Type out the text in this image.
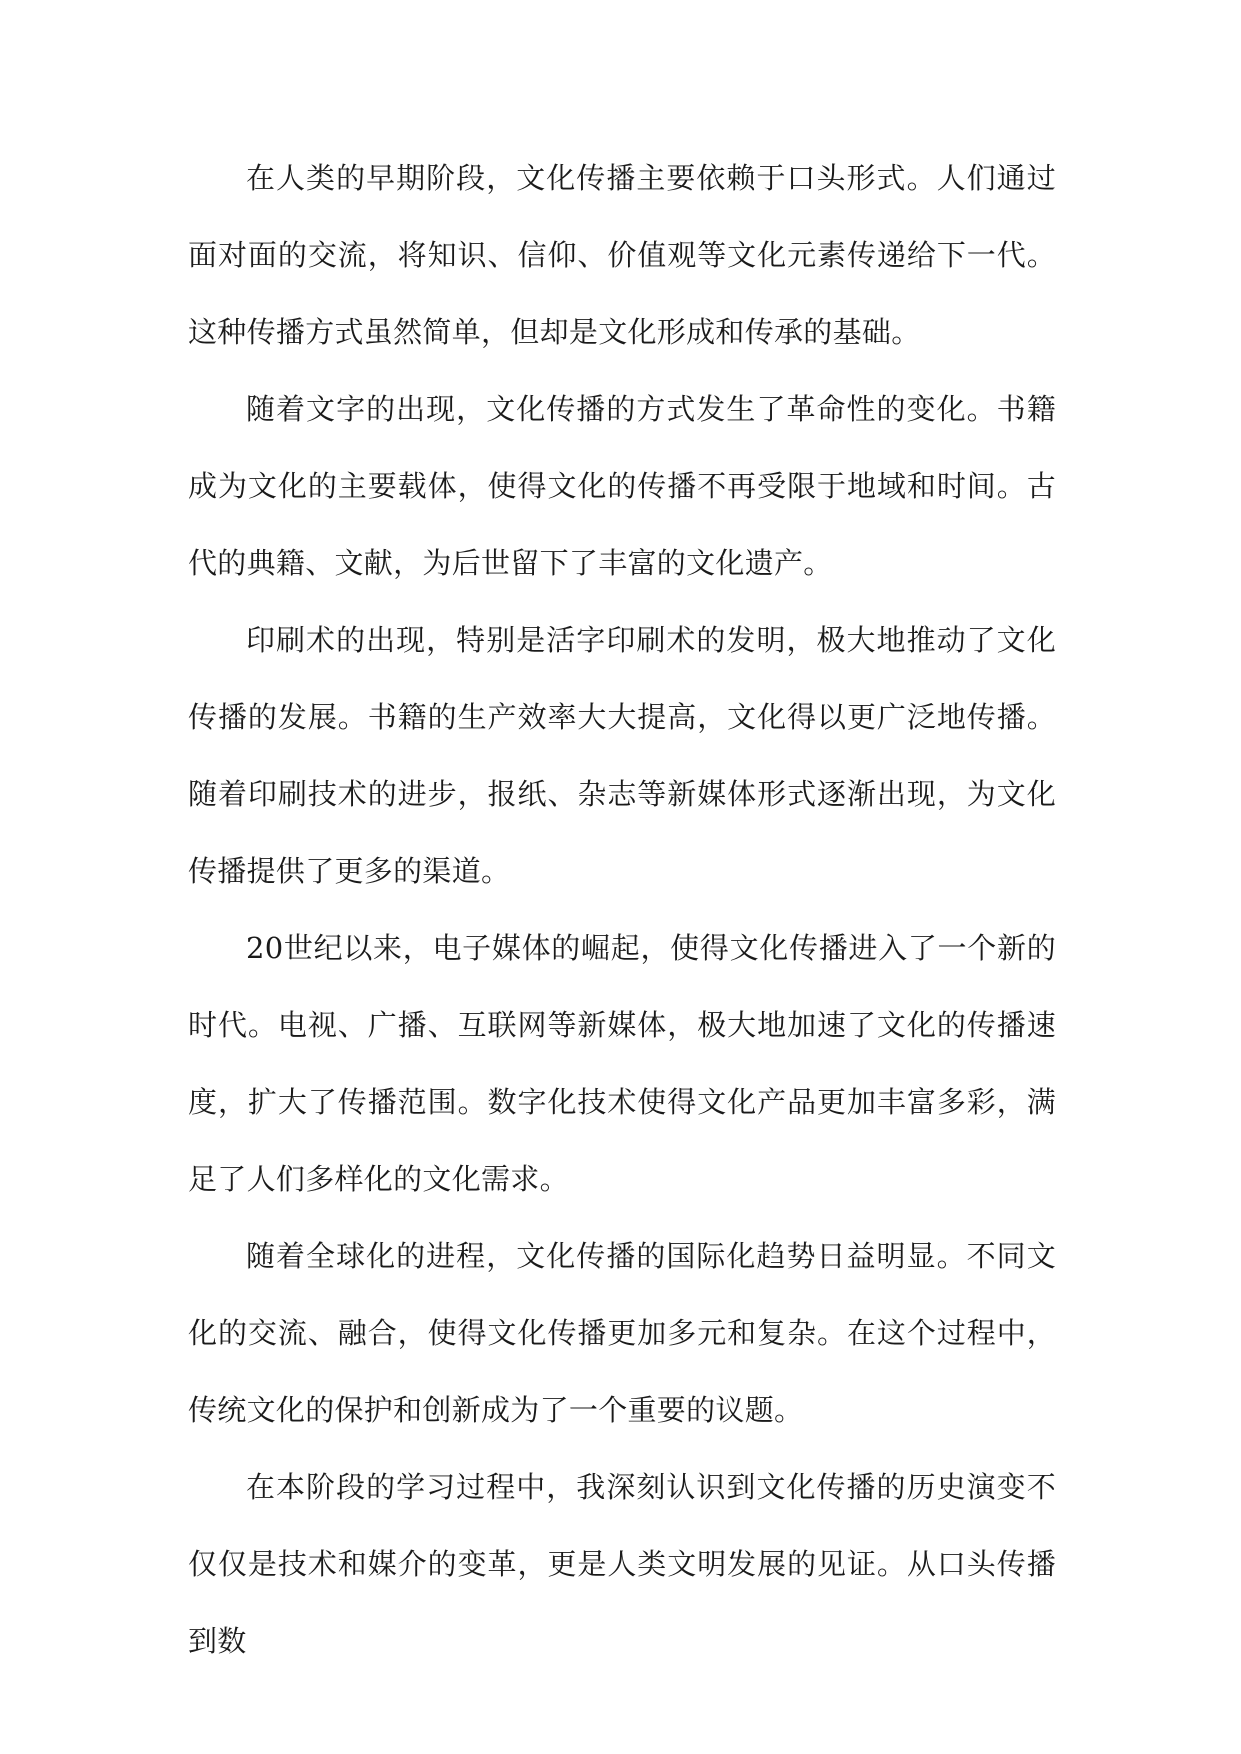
在人类的早期阶段，文化传播主要依赖于口头形式。人们通过面对面的交流，将知识、信仰、价值观等文化元素传递给下一代。这种传播方式虽然简单，但却是文化形成和传承的基础。

随着文字的出现，文化传播的方式发生了革命性的变化。书籍成为文化的主要载体，使得文化的传播不再受限于地域和时间。古代的典籍、文献，为后世留下了丰富的文化遗产。

印刷术的出现，特别是活字印刷术的发明，极大地推动了文化传播的发展。书籍的生产效率大大提高，文化得以更广泛地传播。随着印刷技术的进步，报纸、杂志等新媒体形式逐渐出现，为文化传播提供了更多的渠道。

20世纪以来，电子媒体的崛起，使得文化传播进入了一个新的时代。电视、广播、互联网等新媒体，极大地加速了文化的传播速度，扩大了传播范围。数字化技术使得文化产品更加丰富多彩，满足了人们多样化的文化需求。

随着全球化的进程，文化传播的国际化趋势日益明显。不同文化的交流、融合，使得文化传播更加多元和复杂。在这个过程中，传统文化的保护和创新成为了一个重要的议题。

在本阶段的学习过程中，我深刻认识到文化传播的历史演变不仅仅是技术和媒介的变革，更是人类文明发展的见证。从口头传播到数
